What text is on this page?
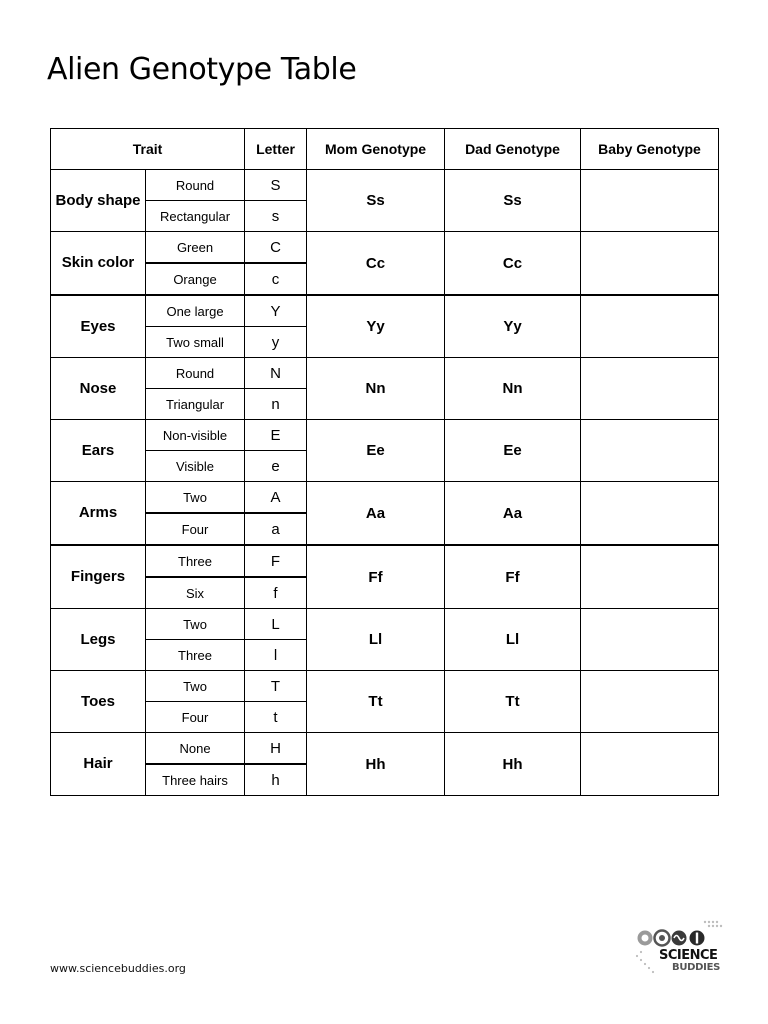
Alien Genotype Table
Trait		Letter	Mom Genotype	Dad Genotype	Baby Genotype
Body shape	Round	S	Ss	Ss	
	Rectangular	s			
Skin color	Green	C	Cc	Cc	
	Orange	c			
Eyes	One large	Y	Yy	Yy	
	Two small	y			
Nose	Round	N	Nn	Nn	
	Triangular	n			
Ears	Non-visible	E	Ee	Ee	
	Visible	e			
Arms	Two	A	Aa	Aa	
	Four	a			
Fingers	Three	F	Ff	Ff	
	Six	f			
Legs	Two	L	Ll	Ll	
	Three	l			
Toes	Two	T	Tt	Tt	
	Four	t			
Hair	None	H	Hh	Hh	
	Three hairs	h			
www.sciencebuddies.org
SCIENCE
BUDDIES
